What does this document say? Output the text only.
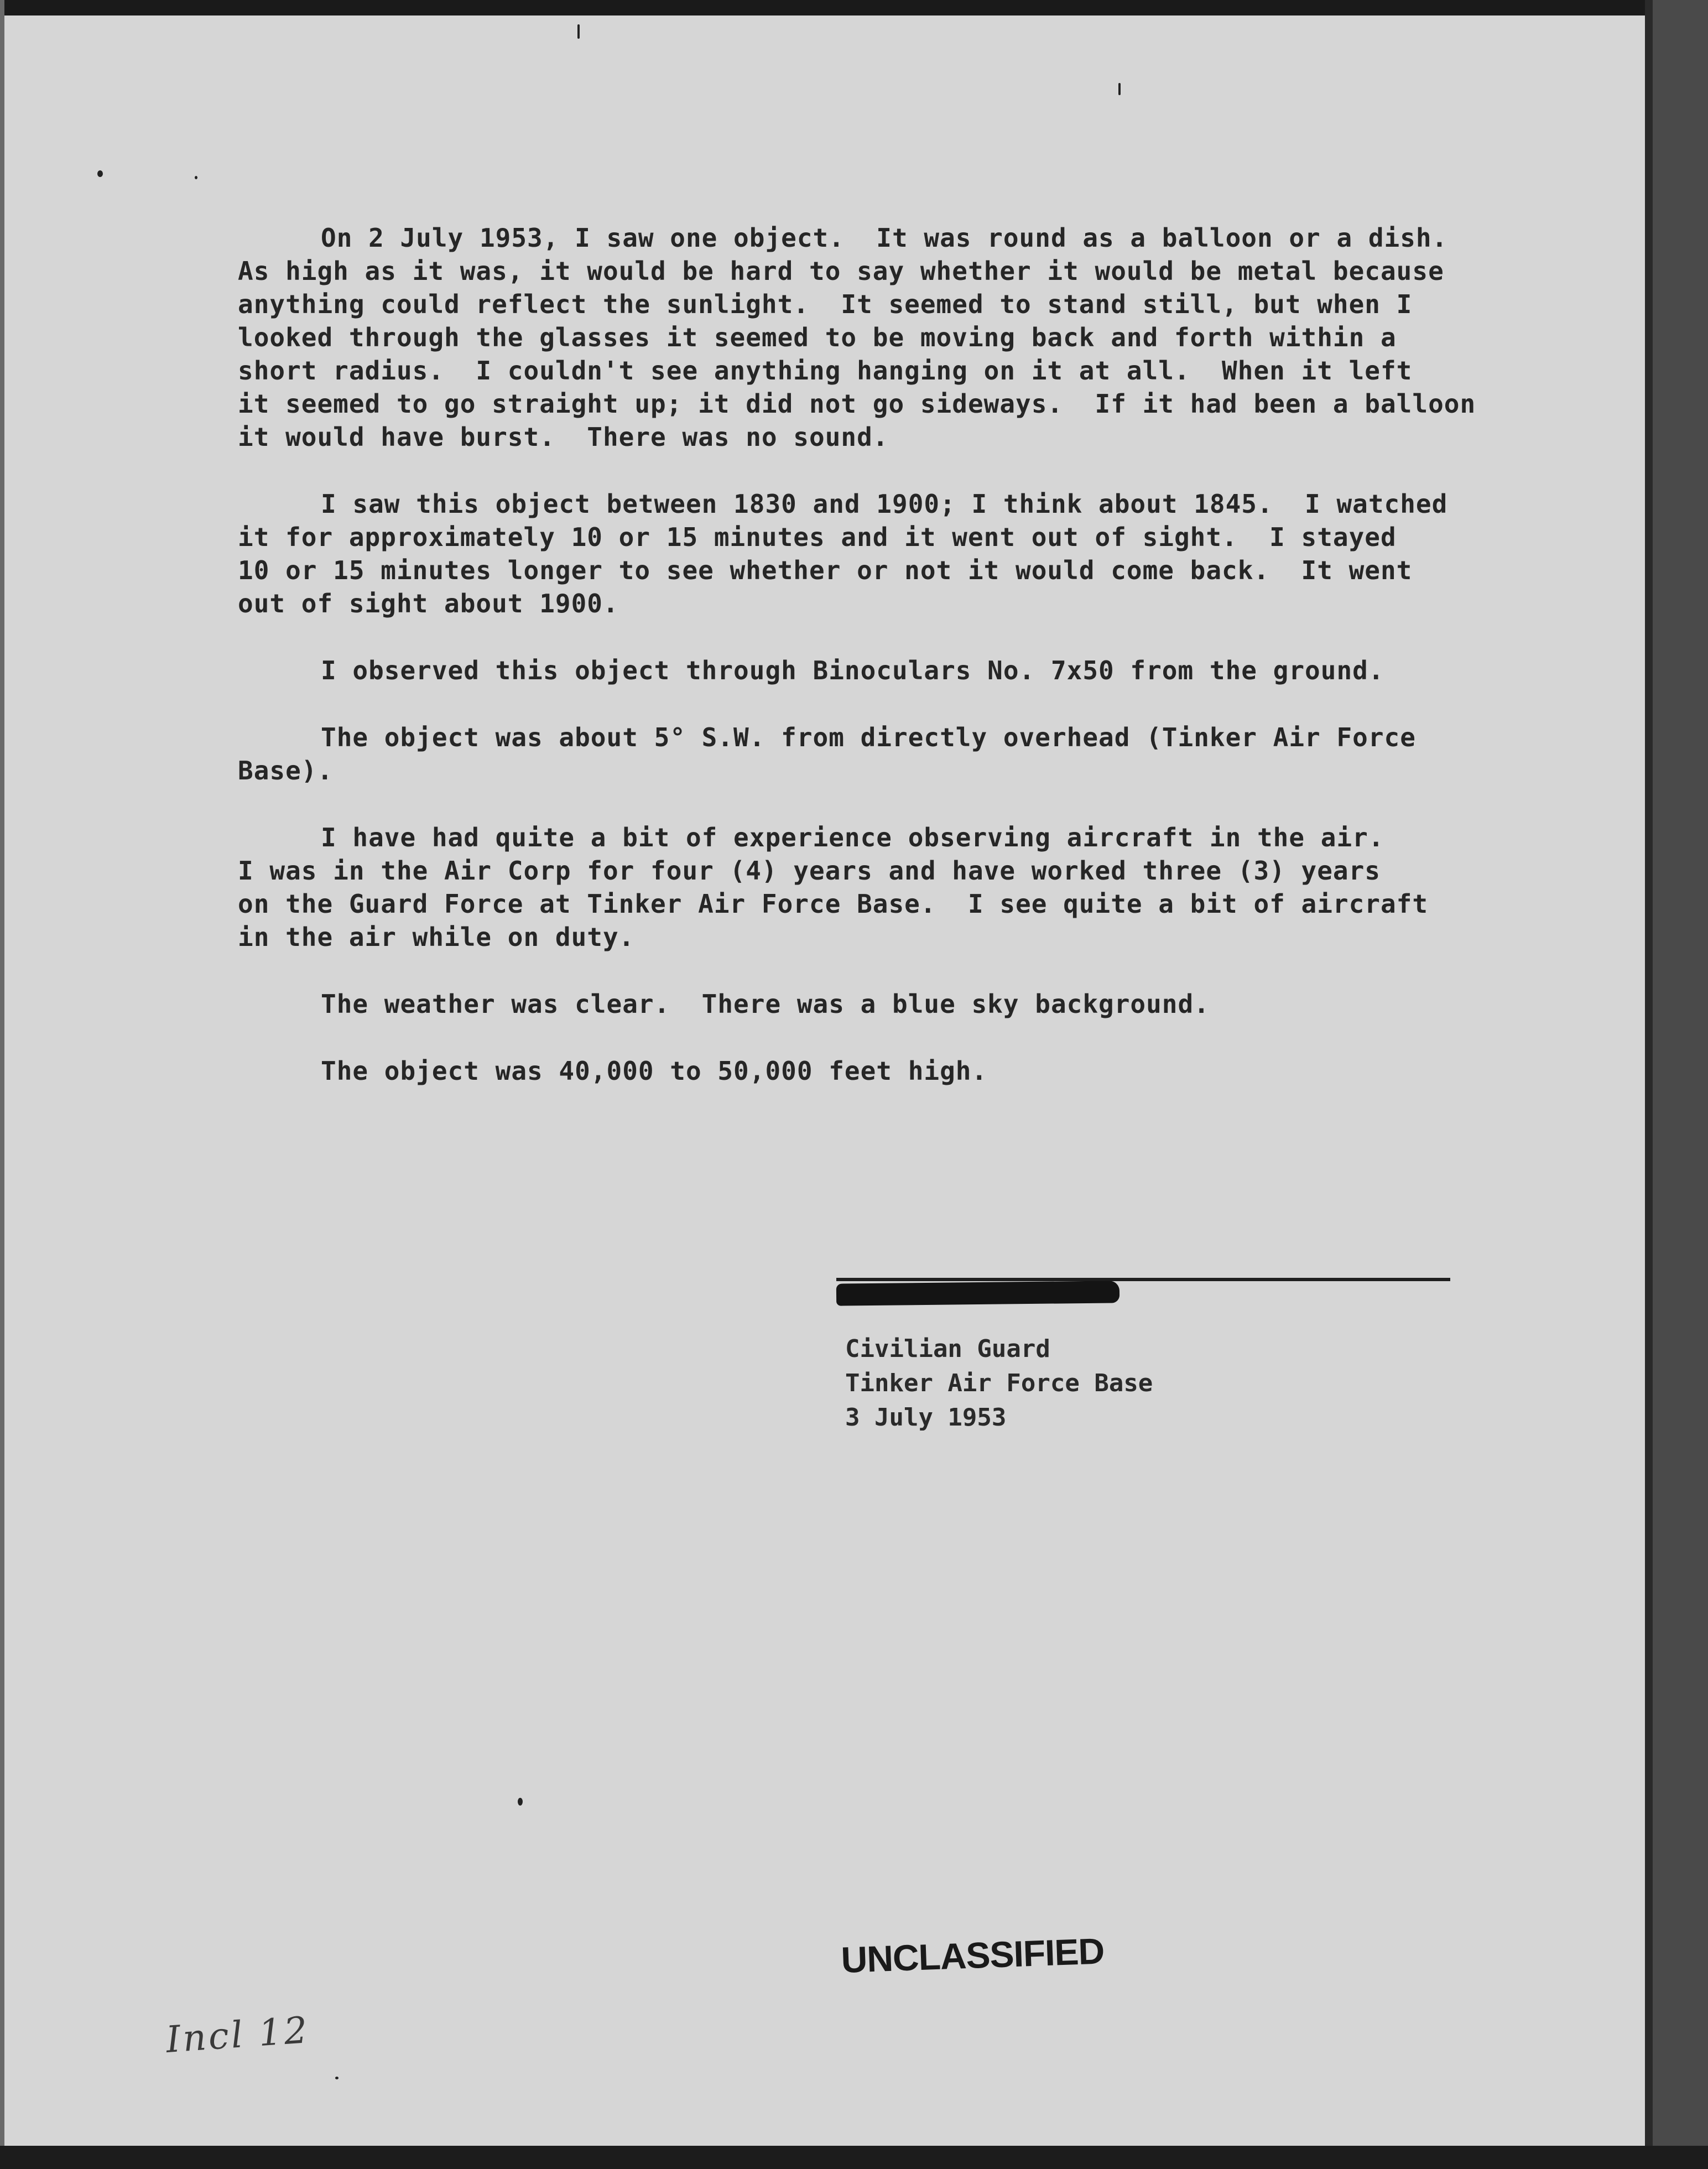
On 2 July 1953, I saw one object.  It was round as a balloon or a dish.

As high as it was, it would be hard to say whether it would be metal because

anything could reflect the sunlight.  It seemed to stand still, but when I

looked through the glasses it seemed to be moving back and forth within a

short radius.  I couldn't see anything hanging on it at all.  When it left

it seemed to go straight up; it did not go sideways.  If it had been a balloon

it would have burst.  There was no sound.

I saw this object between 1830 and 1900; I think about 1845.  I watched

it for approximately 10 or 15 minutes and it went out of sight.  I stayed

10 or 15 minutes longer to see whether or not it would come back.  It went

out of sight about 1900.

I observed this object through Binoculars No. 7x50 from the ground.

The object was about 5° S.W. from directly overhead (Tinker Air Force

Base).

I have had quite a bit of experience observing aircraft in the air.

I was in the Air Corp for four (4) years and have worked three (3) years

on the Guard Force at Tinker Air Force Base.  I see quite a bit of aircraft

in the air while on duty.

The weather was clear.  There was a blue sky background.

The object was 40,000 to 50,000 feet high.

Civilian Guard
Tinker Air Force Base
3 July 1953
UNCLASSIFIED
Incl 12
